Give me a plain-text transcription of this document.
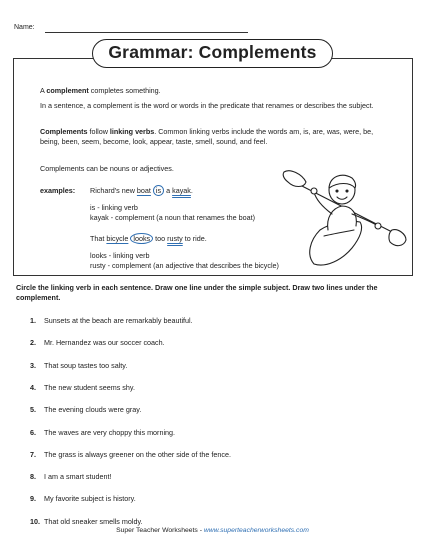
Name:
Grammar: Complements
A complement completes something.
In a sentence, a complement is the word or words in the predicate that renames or describes the subject.
Complements follow linking verbs. Common linking verbs include the words am, is, are, was, were, be, being, been, seem, become, look, appear, taste, smell, sound, and feel.
Complements can be nouns or adjectives.
examples: Richard's new boat is a kayak.
is - linking verb
kayak - complement (a noun that renames the boat)
That bicycle looks too rusty to ride.
looks - linking verb
rusty - complement (an adjective that describes the bicycle)
Circle the linking verb in each sentence. Draw one line under the simple subject. Draw two lines under the complement.
1. Sunsets at the beach are remarkably beautiful.
2. Mr. Hernandez was our soccer coach.
3. That soup tastes too salty.
4. The new student seems shy.
5. The evening clouds were gray.
6. The waves are very choppy this morning.
7. The grass is always greener on the other side of the fence.
8. I am a smart student!
9. My favorite subject is history.
10. That old sneaker smells moldy.
Super Teacher Worksheets - www.superteacherworksheets.com
